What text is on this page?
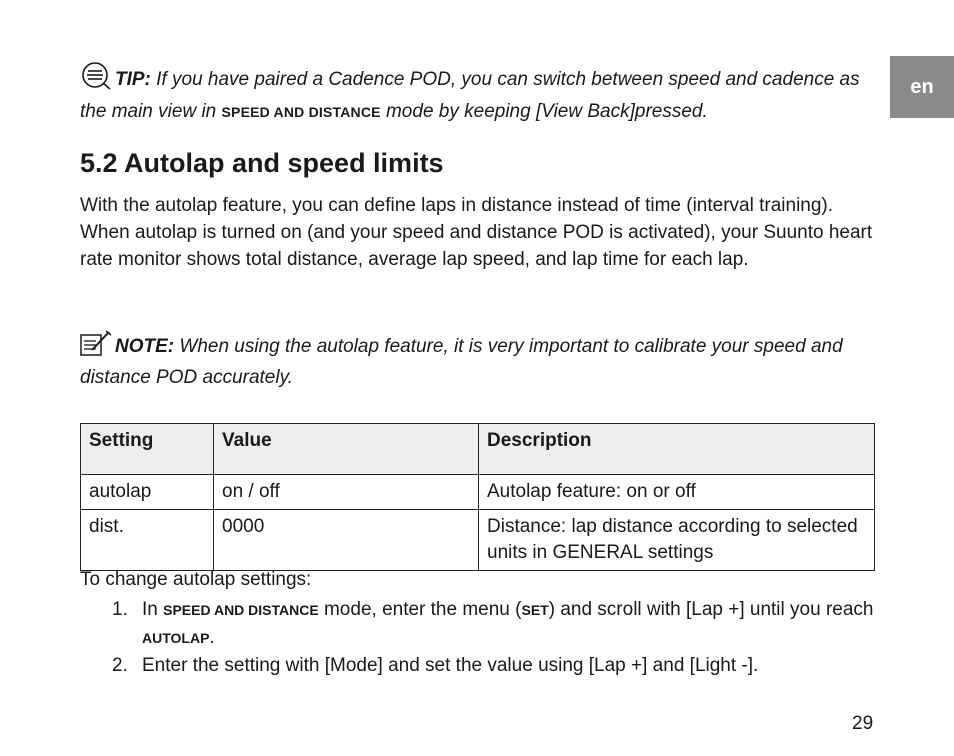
en
TIP: If you have paired a Cadence POD, you can switch between speed and cadence as the main view in SPEED AND DISTANCE mode by keeping [View Back]pressed.
5.2 Autolap and speed limits

With the autolap feature, you can define laps in distance instead of time (interval training). When autolap is turned on (and your speed and distance POD is activated), your Suunto heart rate monitor shows total distance, average lap speed, and lap time for each lap.

NOTE: When using the autolap feature, it is very important to calibrate your speed and distance POD accurately.
Setting	Value	Description
autolap	on / off	Autolap feature: on or off
dist.	0000	Distance: lap distance according to selected units in GENERAL settings
To change autolap settings:
1. In SPEED AND DISTANCE mode, enter the menu (SET) and scroll with [Lap +] until you reach AUTOLAP.
2. Enter the setting with [Mode] and set the value using [Lap +] and [Light -].
29
